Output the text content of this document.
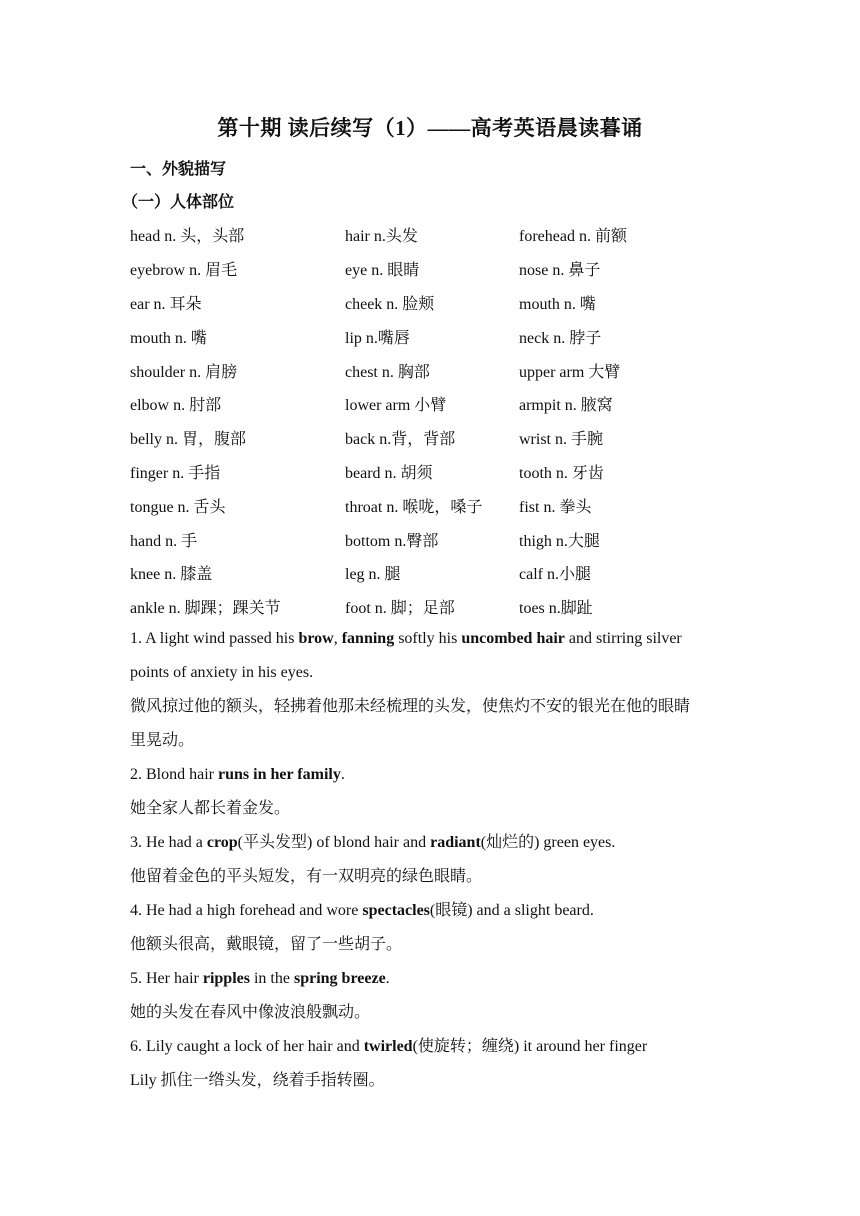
第十期 读后续写（1）——高考英语晨读暮诵
一、外貌描写
（一）人体部位
head n. 头，头部	hair n.头发	forehead n. 前额
eyebrow n. 眉毛	eye n. 眼睛	nose n. 鼻子
ear n. 耳朵	cheek n. 脸颊	mouth n. 嘴
mouth n. 嘴	lip n.嘴唇	neck n. 脖子
shoulder n. 肩膀	chest n. 胸部	upper arm 大臂
elbow n. 肘部	lower arm 小臂	armpit n. 腋窝
belly n. 胃，腹部	back n.背，背部	wrist n. 手腕
finger n. 手指	beard n. 胡须	tooth n. 牙齿
tongue n. 舌头	throat n. 喉咙，嗓子	fist n. 拳头
hand n. 手	bottom n.臀部	thigh n.大腿
knee n. 膝盖	leg n. 腿	calf n.小腿
ankle n. 脚踝；踝关节	foot n. 脚；足部	toes n.脚趾
1. A light wind passed his brow, fanning softly his uncombed hair and stirring silver
points of anxiety in his eyes.
微风掠过他的额头，轻拂着他那未经梳理的头发，使焦灼不安的银光在他的眼睛
里晃动。
2. Blond hair runs in her family.
她全家人都长着金发。
3. He had a crop(平头发型) of blond hair and radiant(灿烂的) green eyes.
他留着金色的平头短发，有一双明亮的绿色眼睛。
4. He had a high forehead and wore spectacles(眼镜) and a slight beard.
他额头很高，戴眼镜，留了一些胡子。
5. Her hair ripples in the spring breeze.
她的头发在春风中像波浪般飘动。
6. Lily caught a lock of her hair and twirled(使旋转；缠绕) it around her finger
Lily 抓住一绺头发，绕着手指转圈。
